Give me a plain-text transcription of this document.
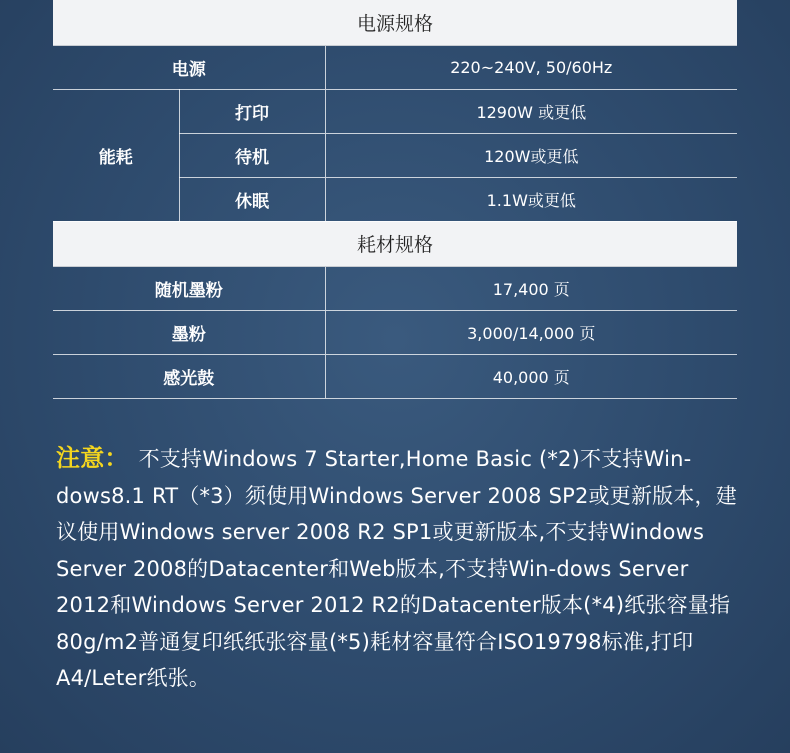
电源规格		
电源		220~240V, 50/60Hz
能耗	打印	1290W 或更低
	待机	120W或更低
	休眠	1.1W或更低
耗材规格		
随机墨粉		17,400 页
墨粉		3,000/14,000 页
感光鼓		40,000 页
注意： 不支持Windows 7 Starter,Home Basic (*2)不支持Win-dows8.1 RT（*3）须使用Windows Server 2008 SP2或更新版本，建议使用Windows server 2008 R2 SP1或更新版本,不支持Windows Server 2008的Datacenter和Web版本,不支持Win-dows Server 2012和Windows Server 2012 R2的Datacenter版本(*4)纸张容量指80g/m2普通复印纸纸张容量(*5)耗材容量符合ISO19798标准,打印A4/Leter纸张。
